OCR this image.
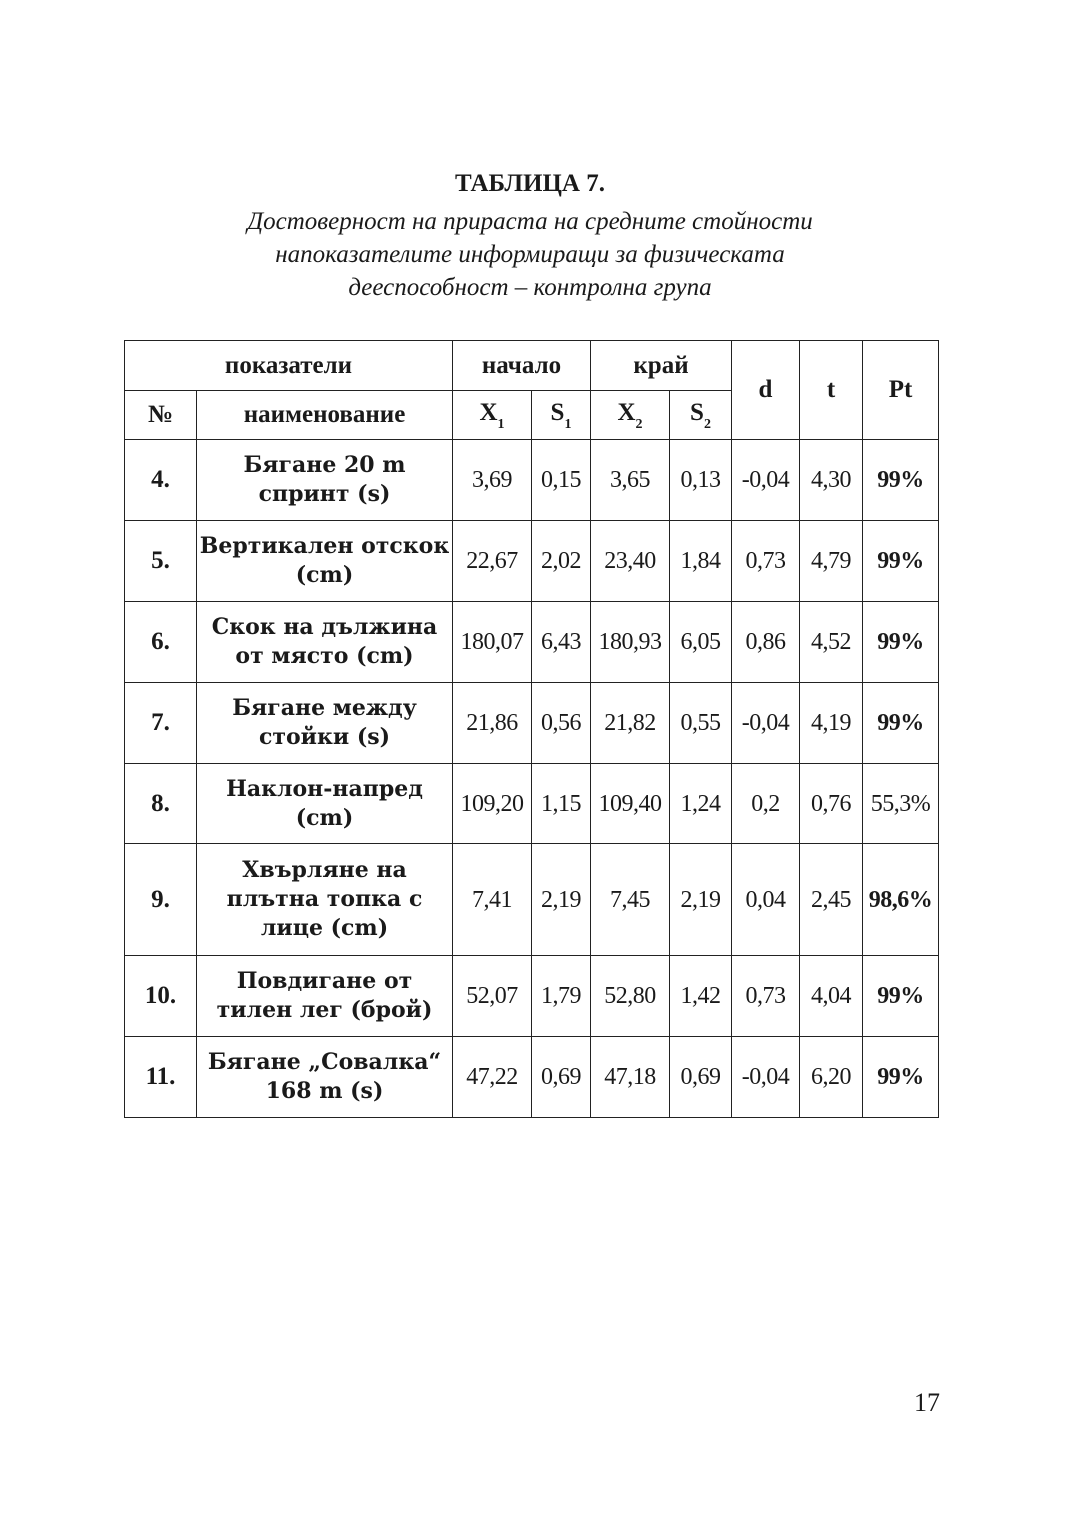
ТАБЛИЦА 7.
Достоверност на прираста на средните стойности
напоказателите информиращи за физическата
дееспособност – контролна група
показатели		начало		край		d	t	Pt
№	наименование	$X_1$	$S_1$	$X_2$	$S_2$
4.	Бягане 20 m спринт (s)	3,69	0,15	3,65	0,13	-0,04	4,30	99%
5.	Вертикален отскок (cm)	22,67	2,02	23,40	1,84	0,73	4,79	99%
6.	Скок на дължина от място (cm)	180,07	6,43	180,93	6,05	0,86	4,52	99%
7.	Бягане между стойки (s)	21,86	0,56	21,82	0,55	-0,04	4,19	99%
8.	Наклон-напред (cm)	109,20	1,15	109,40	1,24	0,2	0,76	55,3%
9.	Хвърляне на плътна топка с лице (cm)	7,41	2,19	7,45	2,19	0,04	2,45	98,6%
10.	Повдигане от тилен лег (брой)	52,07	1,79	52,80	1,42	0,73	4,04	99%
11.	Бягане „Совалка“ 168 m (s)	47,22	0,69	47,18	0,69	-0,04	6,20	99%
17
